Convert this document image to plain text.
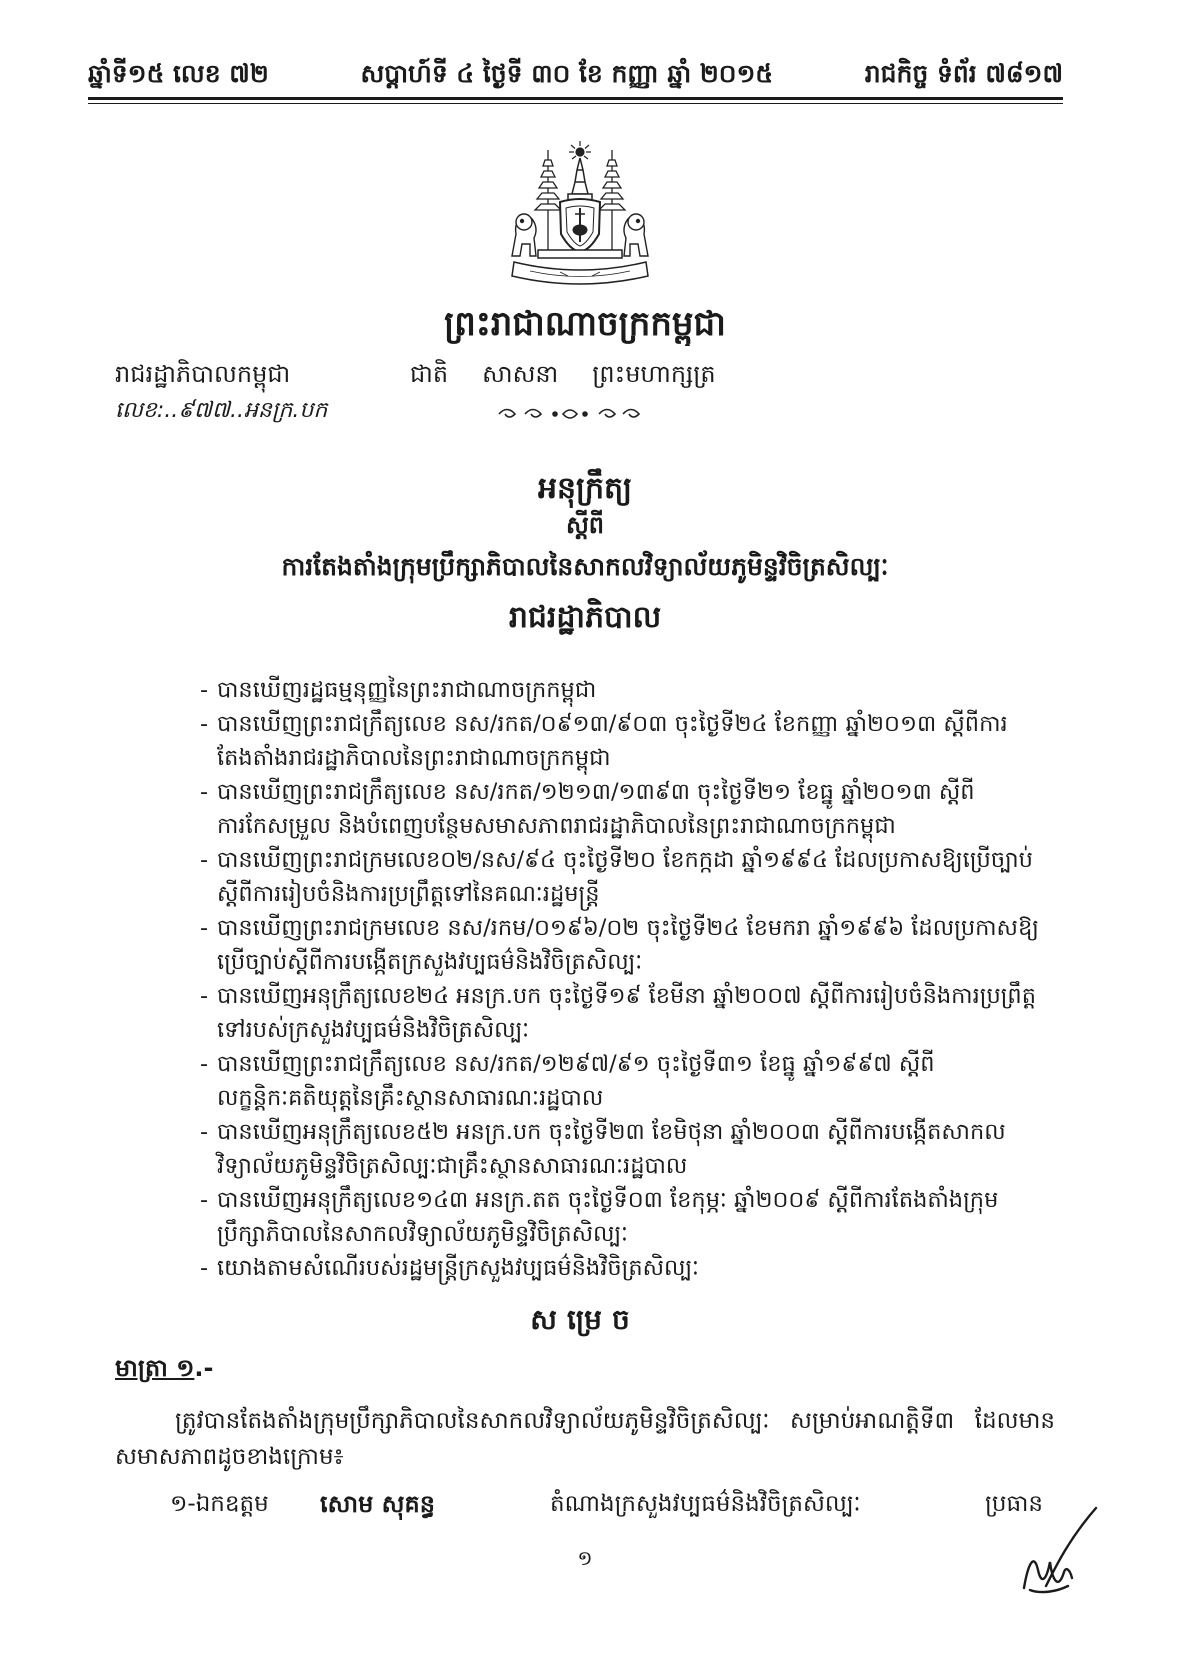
ឆ្នាំទី១៥ លេខ ៧២	សប្តាហ៍ទី ៤ ថ្ងៃទី ៣០ ខែ កញ្ញា ឆ្នាំ ២០១៥	រាជកិច្ច ទំព័រ ៧៨១៧
ព្រះរាជាណាចក្រកម្ពុជា
រាជរដ្ឋាភិបាលកម្ពុជា	ជាតិ សាសនា ព្រះមហាក្សត្រ
លេខ:..៩៧៧..អនក្រ.បក
អនុក្រឹត្យ
ស្តីពី
ការតែងតាំងក្រុមប្រឹក្សាភិបាលនៃសាកលវិទ្យាល័យភូមិន្ទវិចិត្រសិល្បៈ
រាជរដ្ឋាភិបាល
- បានឃើញរដ្ឋធម្មនុញ្ញនៃព្រះរាជាណាចក្រកម្ពុជា
- បានឃើញព្រះរាជក្រឹត្យលេខ នស/រកត/០៩១៣/៩០៣ ចុះថ្ងៃទី២៤ ខែកញ្ញា ឆ្នាំ២០១៣ ស្តីពីការតែងតាំងរាជរដ្ឋាភិបាលនៃព្រះរាជាណាចក្រកម្ពុជា
- បានឃើញព្រះរាជក្រឹត្យលេខ នស/រកត/១២១៣/១៣៩៣ ចុះថ្ងៃទី២១ ខែធ្នូ ឆ្នាំ២០១៣ ស្តីពីការកែសម្រួល និងបំពេញបន្ថែមសមាសភាពរាជរដ្ឋាភិបាលនៃព្រះរាជាណាចក្រកម្ពុជា
- បានឃើញព្រះរាជក្រមលេខ០២/នស/៩៤ ចុះថ្ងៃទី២០ ខែកក្កដា ឆ្នាំ១៩៩៤ ដែលប្រកាសឱ្យប្រើច្បាប់ស្តីពីការរៀបចំនិងការប្រព្រឹត្តទៅនៃគណៈរដ្ឋមន្ត្រី
- បានឃើញព្រះរាជក្រមលេខ នស/រកម/០១៩៦/០២ ចុះថ្ងៃទី២៤ ខែមករា ឆ្នាំ១៩៩៦ ដែលប្រកាសឱ្យប្រើច្បាប់ស្តីពីការបង្កើតក្រសួងវប្បធម៌និងវិចិត្រសិល្បៈ
- បានឃើញអនុក្រឹត្យលេខ២៤ អនក្រ.បក ចុះថ្ងៃទី១៩ ខែមីនា ឆ្នាំ២០០៧ ស្តីពីការរៀបចំនិងការប្រព្រឹត្តទៅរបស់ក្រសួងវប្បធម៌និងវិចិត្រសិល្បៈ
- បានឃើញព្រះរាជក្រឹត្យលេខ នស/រកត/១២៩៧/៩១ ចុះថ្ងៃទី៣១ ខែធ្នូ ឆ្នាំ១៩៩៧ ស្តីពីលក្ខន្តិកៈគតិយុត្តនៃគ្រឹះស្ថានសាធារណៈរដ្ឋបាល
- បានឃើញអនុក្រឹត្យលេខ៥២ អនក្រ.បក ចុះថ្ងៃទី២៣ ខែមិថុនា ឆ្នាំ២០០៣ ស្តីពីការបង្កើតសាកលវិទ្យាល័យភូមិន្ទវិចិត្រសិល្បៈជាគ្រឹះស្ថានសាធារណៈរដ្ឋបាល
- បានឃើញអនុក្រឹត្យលេខ១៤៣ អនក្រ.តត ចុះថ្ងៃទី០៣ ខែកុម្ភៈ ឆ្នាំ២០០៩ ស្តីពីការតែងតាំងក្រុមប្រឹក្សាភិបាលនៃសាកលវិទ្យាល័យភូមិន្ទវិចិត្រសិល្បៈ
- យោងតាមសំណើរបស់រដ្ឋមន្ត្រីក្រសួងវប្បធម៌និងវិចិត្រសិល្បៈ
សម្រេច
មាត្រា ១.-
ត្រូវបានតែងតាំងក្រុមប្រឹក្សាភិបាលនៃសាកលវិទ្យាល័យភូមិន្ទវិចិត្រសិល្បៈ សម្រាប់អាណត្តិទី៣ ដែលមានសមាសភាពដូចខាងក្រោម៖
១-ឯកឧត្តម សោម សុគន្ធ	តំណាងក្រសួងវប្បធម៌និងវិចិត្រសិល្បៈ	ប្រធាន
១
